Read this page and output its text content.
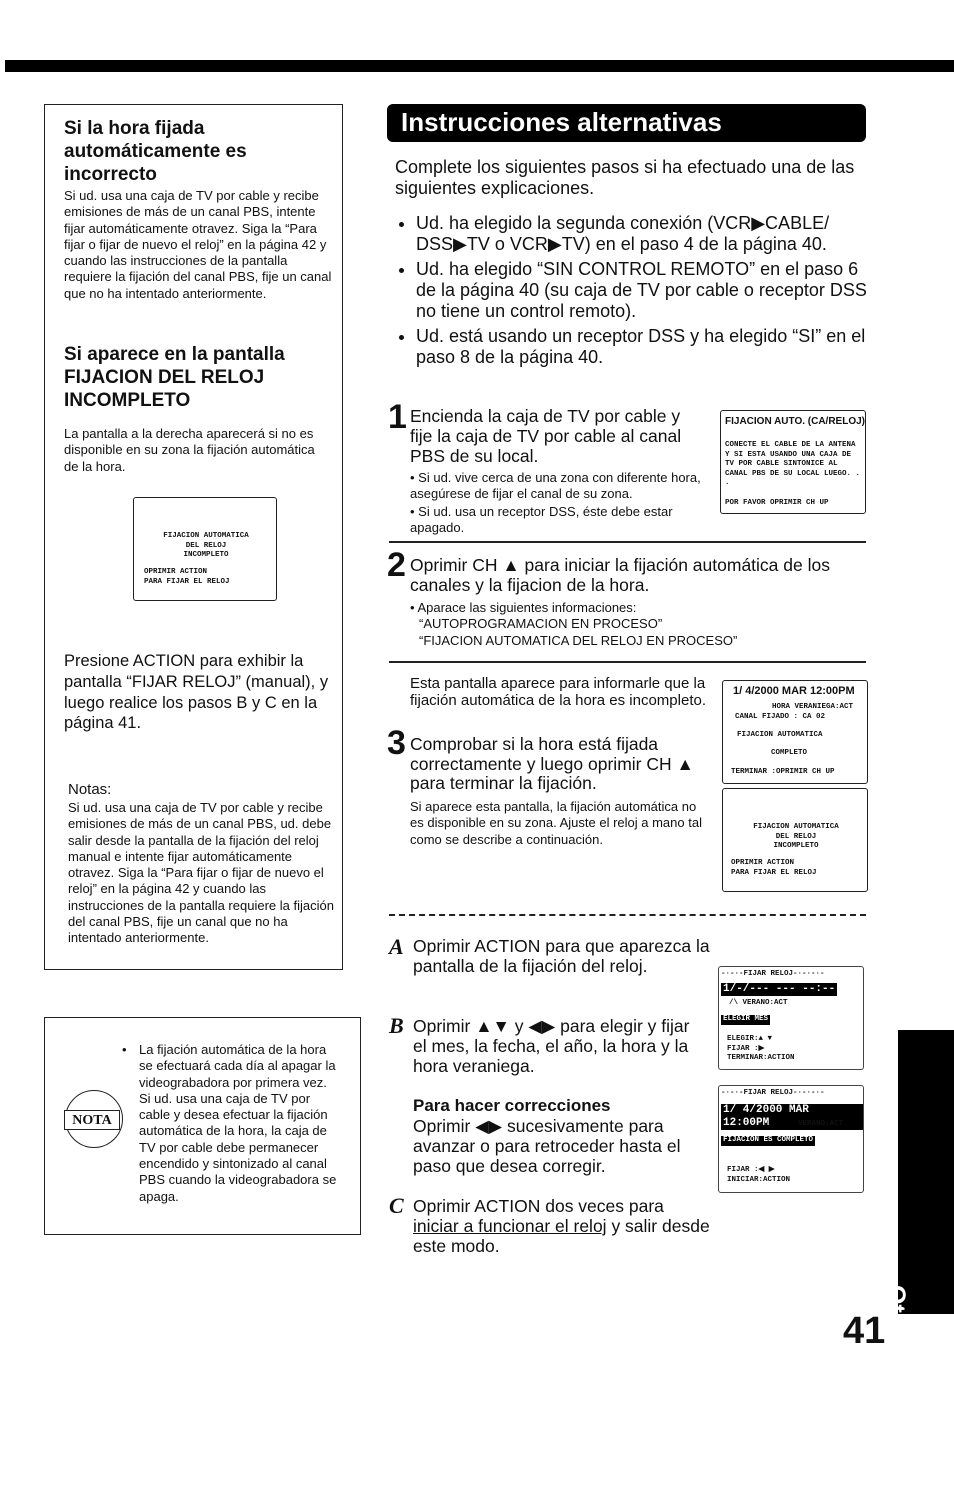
Si la hora fijada automáticamente es incorrecto
Si ud. usa una caja de TV por cable y recibe emisiones de más de un canal PBS, intente fijar automáticamente otravez. Siga la “Para fijar o fijar de nuevo el reloj” en la página 42 y cuando las instrucciones de la pantalla requiere la fijación del canal PBS, fije un canal que no ha intentado anteriormente.
Si aparece en la pantalla FIJACION DEL RELOJ INCOMPLETO
La pantalla a la derecha aparecerá si no es disponible en su zona la fijación automática de la hora.
FIJACION AUTOMATICA
DEL RELOJ
INCOMPLETO
OPRIMIR ACTION
PARA FIJAR EL RELOJ
Presione ACTION para exhibir la pantalla “FIJAR RELOJ” (manual), y luego realice los pasos B y C en la página 41.
Notas:
Si ud. usa una caja de TV por cable y recibe emisiones de más de un canal PBS, ud. debe salir desde la pantalla de la fijación del reloj manual e intente fijar automáticamente otravez. Siga la “Para fijar o fijar de nuevo el reloj” en la página 42 y cuando las instrucciones de la pantalla requiere la fijación del canal PBS, fije un canal que no ha intentado anteriormente.
NOTA
• La fijación automática de la hora se efectuará cada día al apagar la videograbadora por primera vez. Si ud. usa una caja de TV por cable y desea efectuar la fijación automática de la hora, la caja de TV por cable debe permanecer encendido y sintonizado al canal PBS cuando la videograbadora se apaga.
Instrucciones alternativas
Complete los siguientes pasos si ha efectuado una de las siguientes explicaciones.
• Ud. ha elegido la segunda conexión (VCR▶CABLE/ DSS▶TV o VCR▶TV) en el paso 4 de la página 40.
• Ud. ha elegido “SIN CONTROL REMOTO” en el paso 6 de la página 40 (su caja de TV por cable o receptor DSS no tiene un control remoto).
• Ud. está usando un receptor DSS y ha elegido “SI” en el paso 8 de la página 40.
1 Encienda la caja de TV por cable y fije la caja de TV por cable al canal PBS de su local.
• Si ud. vive cerca de una zona con diferente hora, asegúrese de fijar el canal de su zona.
• Si ud. usa un receptor DSS, éste debe estar apagado.
FIJACION AUTO. (CA/RELOJ)
CONECTE EL CABLE DE LA ANTENA Y SI ESTA USANDO UNA CAJA DE TV POR CABLE SINTONICE AL CANAL PBS DE SU LOCAL LUEGO. . .
POR FAVOR OPRIMIR CH UP
2 Oprimir CH ▲ para iniciar la fijación automática de los canales y la fijacion de la hora.
• Aparace las siguientes informaciones:
“AUTOPROGRAMACION EN PROCESO”
“FIJACION AUTOMATICA DEL RELOJ EN PROCESO”
Esta pantalla aparece para informarle que la fijación automática de la hora es incompleto.
3 Comprobar si la hora está fijada correctamente y luego oprimir CH ▲ para terminar la fijación.
Si aparece esta pantalla, la fijación automática no es disponible en su zona. Ajuste el reloj a mano tal como se describe a continuación.
1/ 4/2000 MAR 12:00PM
HORA VERANIEGA:ACT
CANAL FIJADO : CA 02
FIJACION AUTOMATICA
COMPLETO
TERMINAR :OPRIMIR CH UP
FIJACION AUTOMATICA
DEL RELOJ
INCOMPLETO
OPRIMIR ACTION
PARA FIJAR EL RELOJ
A Oprimir ACTION para que aparezca la pantalla de la fijación del reloj.
B Oprimir ▲▼ y ◀▶ para elegir y fijar el mes, la fecha, el año, la hora y la hora veraniega.
Para hacer correcciones
Oprimir ◀▶ sucesivamente para avanzar o para retroceder hasta el paso que desea corregir.
C Oprimir ACTION dos veces para iniciar a funcionar el reloj y salir desde este modo.
-·-·-FIJAR RELOJ-·-·-·-
1/-/--- --- --:--
/\ VERANO:ACT
ELEGIR MES
ELEGIR:▲ ▼
FIJAR :▶
TERMINAR:ACTION
-·-·-FIJAR RELOJ-·-·-·-
1/ 4/2000 MAR 12:00PM	VERANO:ACT
FIJACION ES COMPLETO
FIJAR :◀ ▶
INICIAR:ACTION
Other Information
41
